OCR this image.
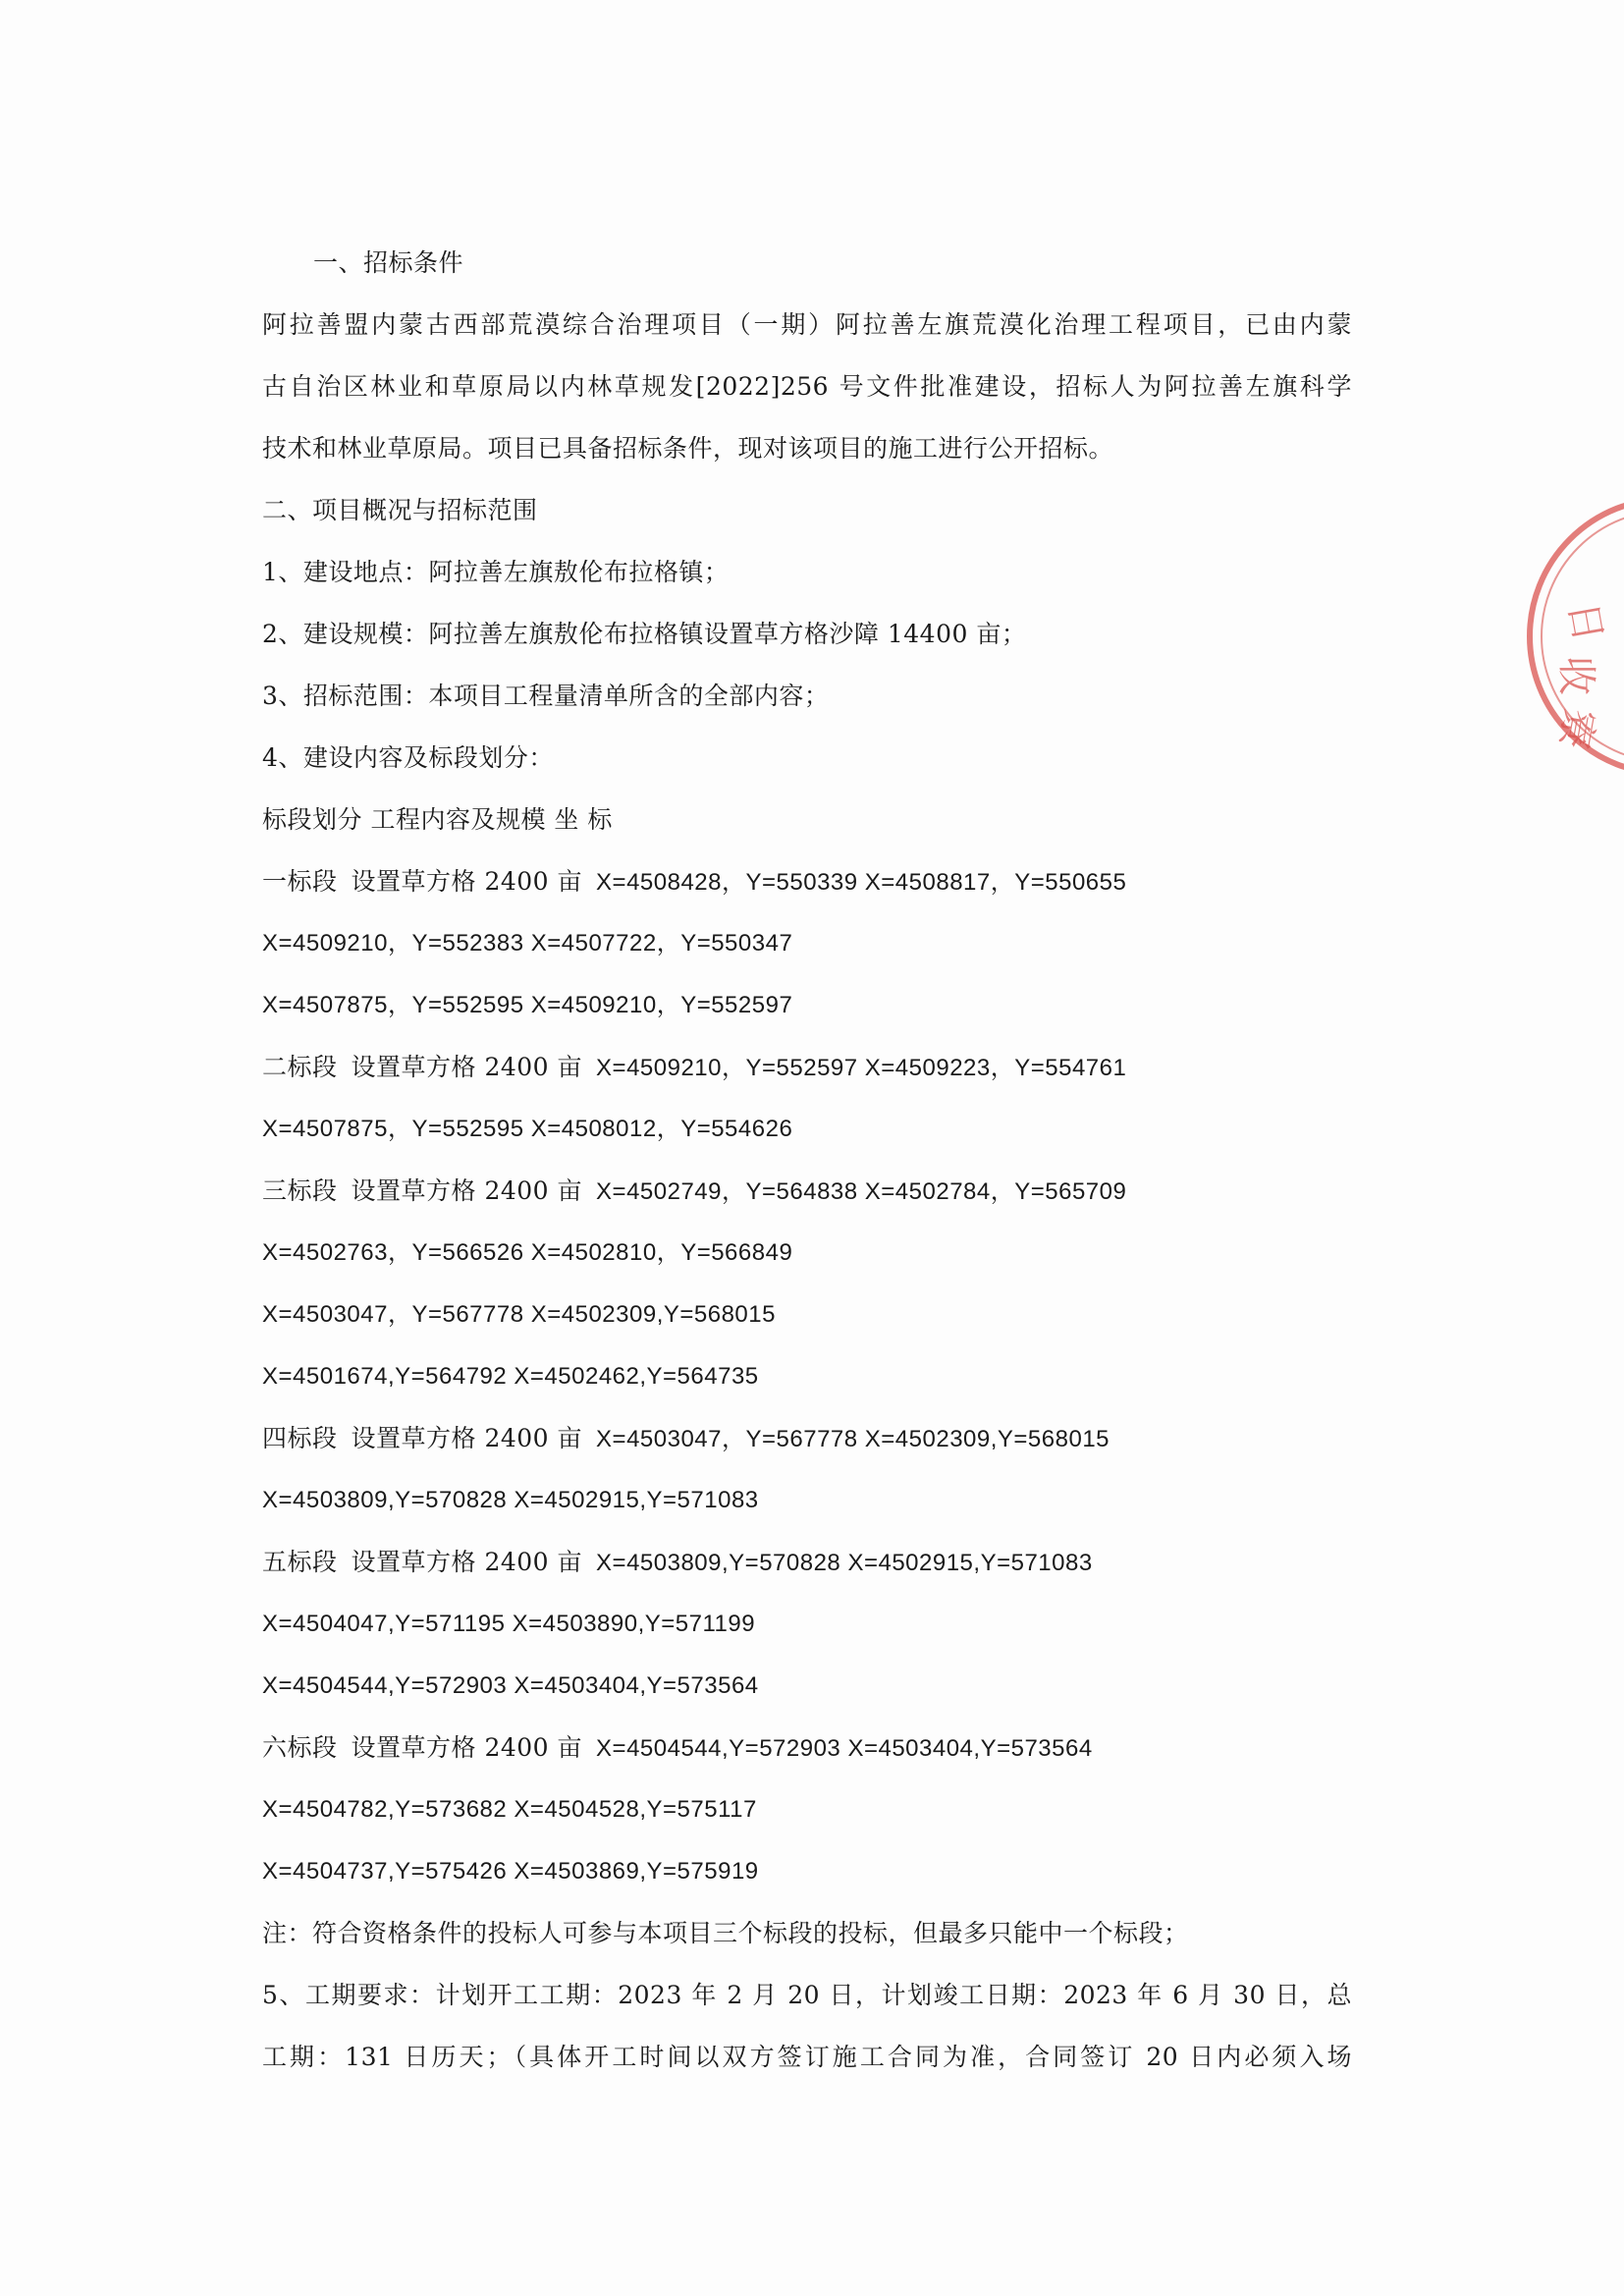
一、招标条件
阿拉善盟内蒙古西部荒漠综合治理项目（一期）阿拉善左旗荒漠化治理工程项目，已由内蒙
古自治区林业和草原局以内林草规发[2022]256 号文件批准建设，招标人为阿拉善左旗科学
技术和林业草原局。项目已具备招标条件，现对该项目的施工进行公开招标。
二、项目概况与招标范围
1、建设地点：阿拉善左旗敖伦布拉格镇；
2、建设规模：阿拉善左旗敖伦布拉格镇设置草方格沙障 14400 亩；
3、招标范围：本项目工程量清单所含的全部内容；
4、建设内容及标段划分：
标段划分 工程内容及规模 坐 标
一标段 设置草方格 2400 亩 X=4508428，Y=550339 X=4508817，Y=550655
X=4509210，Y=552383 X=4507722，Y=550347
X=4507875，Y=552595 X=4509210，Y=552597
二标段 设置草方格 2400 亩 X=4509210，Y=552597 X=4509223，Y=554761
X=4507875，Y=552595 X=4508012，Y=554626
三标段 设置草方格 2400 亩 X=4502749，Y=564838 X=4502784，Y=565709
X=4502763，Y=566526 X=4502810，Y=566849
X=4503047，Y=567778 X=4502309,Y=568015
X=4501674,Y=564792 X=4502462,Y=564735
四标段 设置草方格 2400 亩 X=4503047，Y=567778 X=4502309,Y=568015
X=4503809,Y=570828 X=4502915,Y=571083
五标段 设置草方格 2400 亩 X=4503809,Y=570828 X=4502915,Y=571083
X=4504047,Y=571195 X=4503890,Y=571199
X=4504544,Y=572903 X=4503404,Y=573564
六标段 设置草方格 2400 亩 X=4504544,Y=572903 X=4503404,Y=573564
X=4504782,Y=573682 X=4504528,Y=575117
X=4504737,Y=575426 X=4503869,Y=575919
注：符合资格条件的投标人可参与本项目三个标段的投标，但最多只能中一个标段；
5、工期要求：计划开工工期：2023 年 2 月 20 日，计划竣工日期：2023 年 6 月 30 日，总
工期：131 日历天；（具体开工时间以双方签订施工合同为准，合同签订 20 日内必须入场
日
收
寮
